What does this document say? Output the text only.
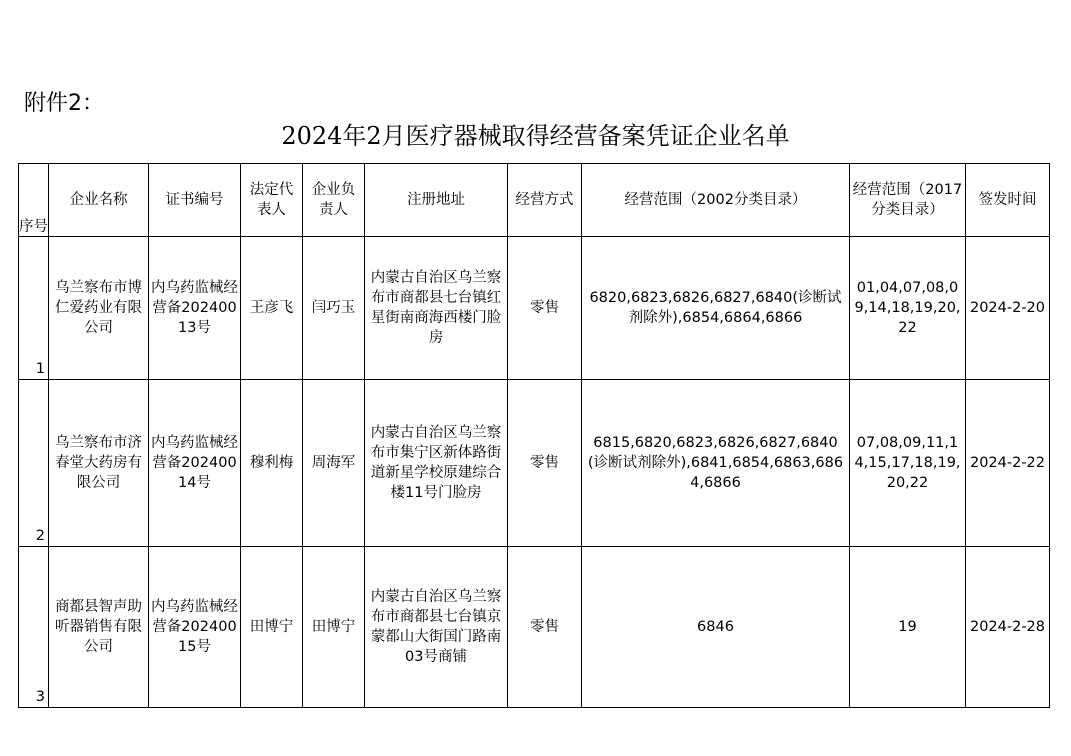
附件2：
2024年2月医疗器械取得经营备案凭证企业名单
序号	企业名称	证书编号	法定代表人	企业负责人	注册地址	经营方式	经营范围（2002分类目录）	经营范围（2017分类目录）	签发时间
1	乌兰察布市博仁爱药业有限公司	内乌药监械经营备20240013号	王彦飞	闫巧玉	内蒙古自治区乌兰察布市商都县七台镇红星街南商海西楼门脸房	零售	6820,6823,6826,6827,6840(诊断试剂除外),6854,6864,6866	01,04,07,08,09,14,18,19,20,22	2024-2-20
2	乌兰察布市济春堂大药房有限公司	内乌药监械经营备20240014号	穆利梅	周海军	内蒙古自治区乌兰察布市集宁区新体路街道新星学校原建综合楼11号门脸房	零售	6815,6820,6823,6826,6827,6840(诊断试剂除外),6841,6854,6863,6864,6866	07,08,09,11,14,15,17,18,19,20,22	2024-2-22
3	商都县智声助听器销售有限公司	内乌药监械经营备20240015号	田博宁	田博宁	内蒙古自治区乌兰察布市商都县七台镇京蒙都山大街国门路南03号商铺	零售	6846	19	2024-2-28
